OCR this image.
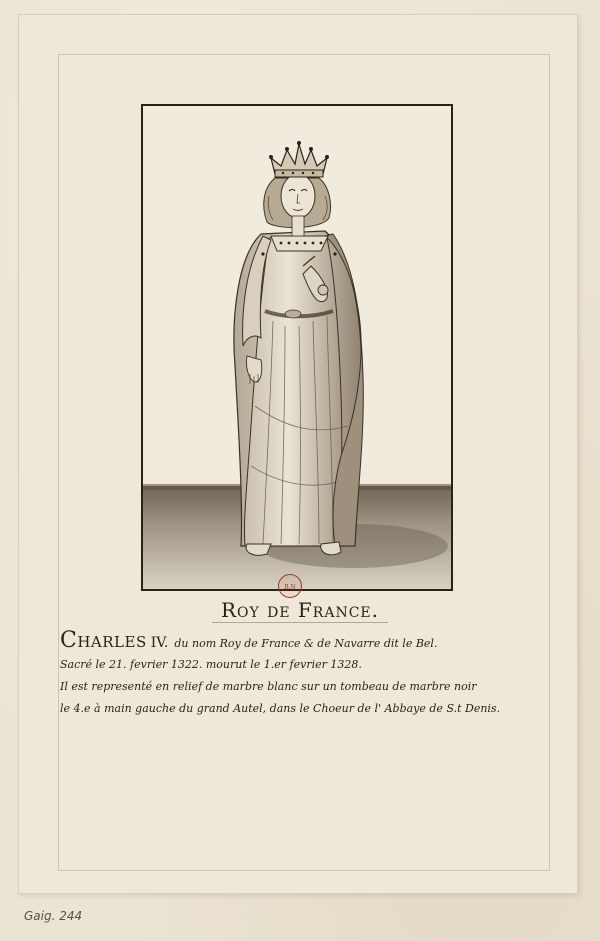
B.N
Roy de France.
Charles IV. du nom Roy de France & de Navarre dit le Bel.
Sacré le 21. fevrier 1322. mourut le 1.er fevrier 1328.
Il est representé en relief de marbre blanc sur un tombeau de marbre noir
le 4.e à main gauche du grand Autel, dans le Choeur de l' Abbaye de S.t Denis.
Gaig. 244
